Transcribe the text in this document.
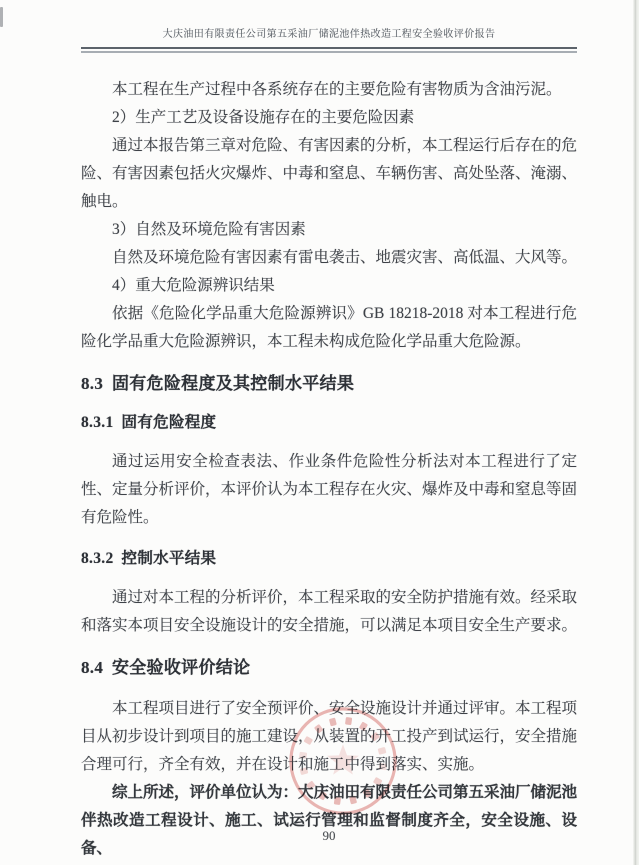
大庆油田有限责任公司第五采油厂储泥池伴热改造工程安全验收评价报告

本工程在生产过程中各系统存在的主要危险有害物质为含油污泥。

2）生产工艺及设备设施存在的主要危险因素

通过本报告第三章对危险、有害因素的分析，本工程运行后存在的危险、有害因素包括火灾爆炸、中毒和窒息、车辆伤害、高处坠落、淹溺、触电。

3）自然及环境危险有害因素

自然及环境危险有害因素有雷电袭击、地震灾害、高低温、大风等。

4）重大危险源辨识结果

依据《危险化学品重大危险源辨识》GB 18218-2018 对本工程进行危险化学品重大危险源辨识，本工程未构成危险化学品重大危险源。

8.3 固有危险程度及其控制水平结果
8.3.1 固有危险程度

通过运用安全检查表法、作业条件危险性分析法对本工程进行了定性、定量分析评价，本评价认为本工程存在火灾、爆炸及中毒和窒息等固有危险性。

8.3.2 控制水平结果

通过对本工程的分析评价，本工程采取的安全防护措施有效。经采取和落实本项目安全设施设计的安全措施，可以满足本项目安全生产要求。

8.4 安全验收评价结论

本工程项目进行了安全预评价、安全设施设计并通过评审。本工程项目从初步设计到项目的施工建设，从装置的开工投产到试运行，安全措施合理可行，齐全有效，并在设计和施工中得到落实、实施。

综上所述，评价单位认为：大庆油田有限责任公司第五采油厂储泥池伴热改造工程设计、施工、试运行管理和监督制度齐全，安全设施、设备、

90
